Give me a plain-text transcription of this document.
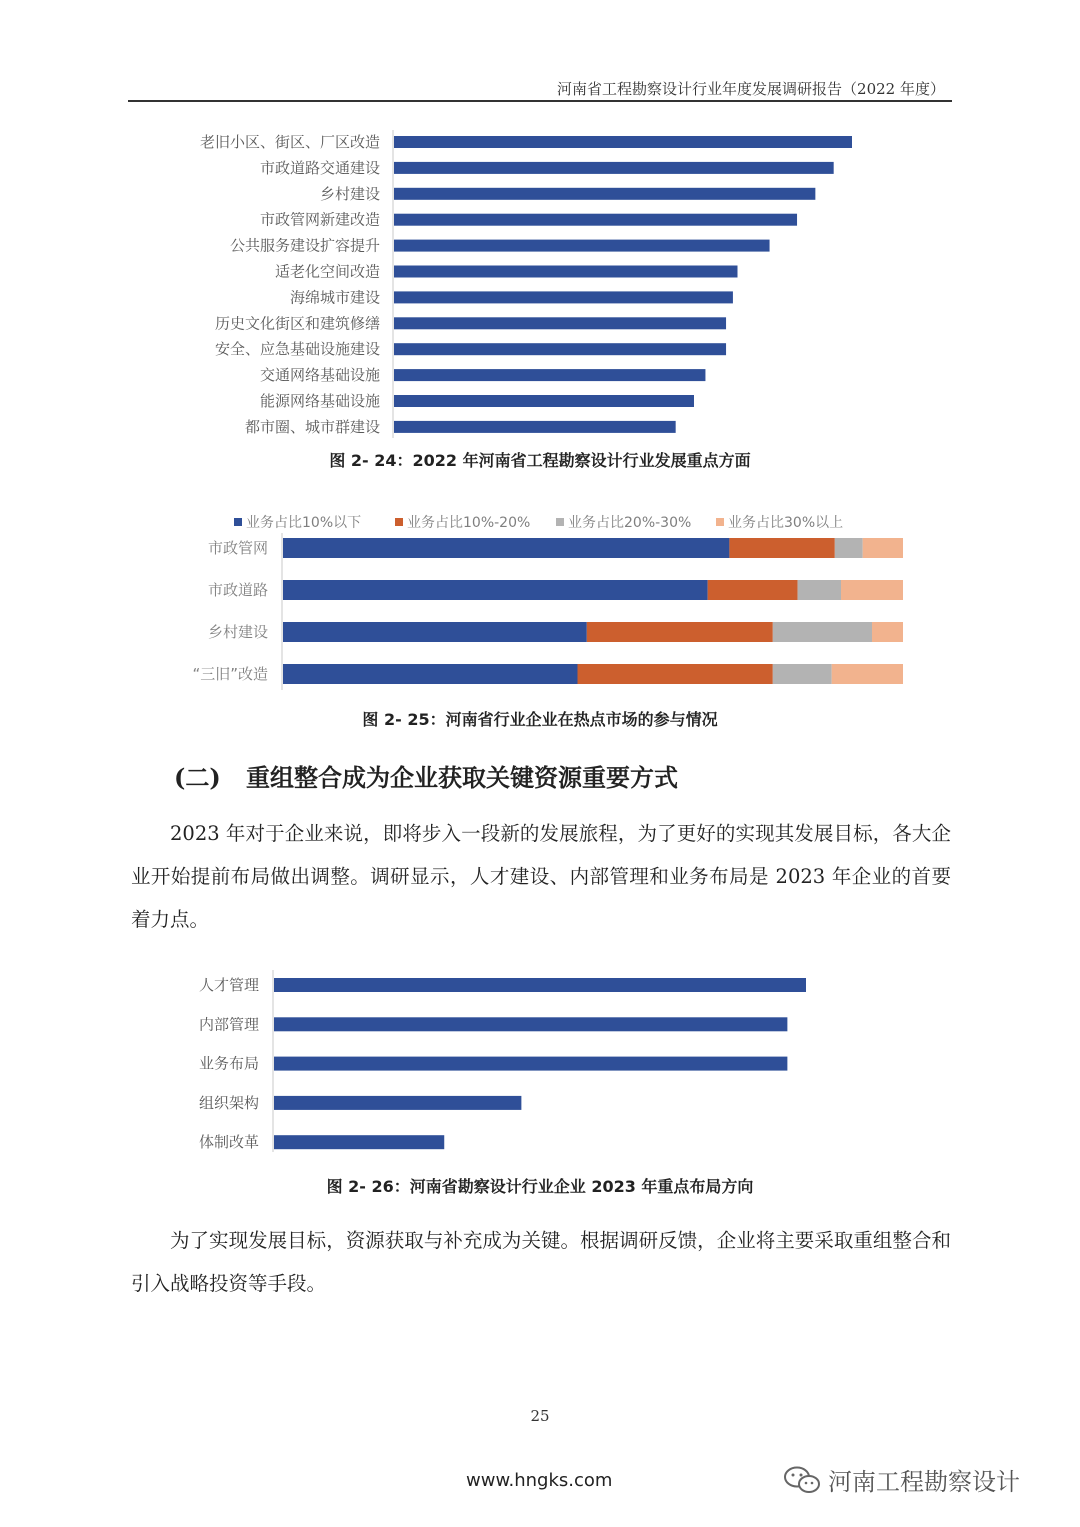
河南省工程勘察设计行业年度发展调研报告（2022 年度）
老旧小区、街区、厂区改造
市政道路交通建设
乡村建设
市政管网新建改造
公共服务建设扩容提升
适老化空间改造
海绵城市建设
历史文化街区和建筑修缮
安全、应急基础设施建设
交通网络基础设施
能源网络基础设施
都市圈、城市群建设
图 2- 24：2022 年河南省工程勘察设计行业发展重点方面
业务占比10%以下	业务占比10%-20%	业务占比20%-30%	业务占比30%以上
市政管网
市政道路
乡村建设
“三旧”改造
图 2- 25：河南省行业企业在热点市场的参与情况
(二) 重组整合成为企业获取关键资源重要方式
2023 年对于企业来说，即将步入一段新的发展旅程，为了更好的实现其发展目标，各大企业开始提前布局做出调整。调研显示，人才建设、内部管理和业务布局是 2023 年企业的首要着力点。
人才管理
内部管理
业务布局
组织架构
体制改革
图 2- 26：河南省勘察设计行业企业 2023 年重点布局方向
为了实现发展目标，资源获取与补充成为关键。根据调研反馈，企业将主要采取重组整合和引入战略投资等手段。
25
www.hngks.com	河南工程勘察设计
